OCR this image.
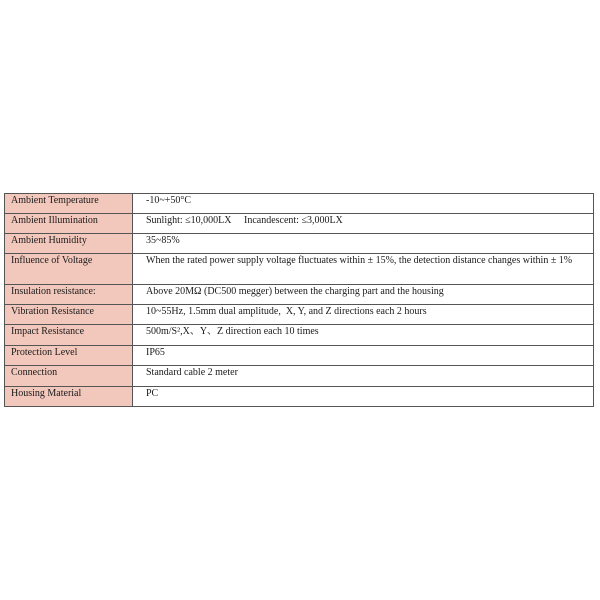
Ambient Temperature	-10~+50°C
Ambient Illumination	Sunlight: ≤10,000LX     Incandescent: ≤3,000LX
Ambient Humidity	35~85%
Influence of Voltage	When the rated power supply voltage fluctuates within ± 15%, the detection distance changes within ± 1%
Insulation resistance:	Above 20MΩ (DC500 megger) between the charging part and the housing
Vibration Resistance	10~55Hz, 1.5mm dual amplitude,  X, Y, and Z directions each 2 hours
Impact Resistance	500m/S²,X、Y、Z direction each 10 times
Protection Level	IP65
Connection	Standard cable 2 meter
Housing Material	PC
